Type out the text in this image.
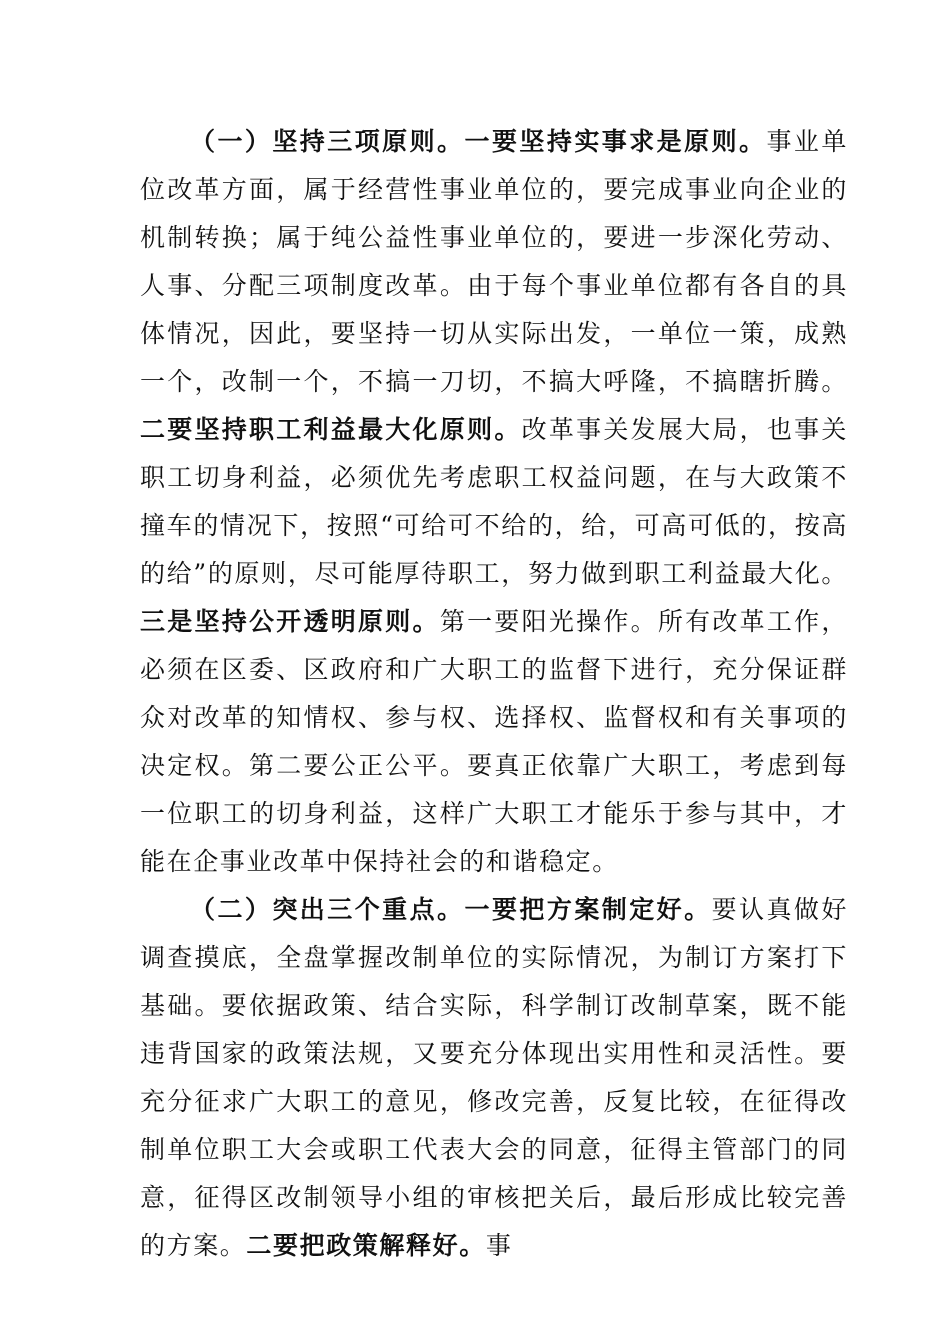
（一）坚持三项原则。一要坚持实事求是原则。事业单位改革方面，属于经营性事业单位的，要完成事业向企业的机制转换；属于纯公益性事业单位的，要进一步深化劳动、人事、分配三项制度改革。由于每个事业单位都有各自的具体情况，因此，要坚持一切从实际出发，一单位一策，成熟一个，改制一个，不搞一刀切，不搞大呼隆，不搞瞎折腾。二要坚持职工利益最大化原则。改革事关发展大局，也事关职工切身利益，必须优先考虑职工权益问题，在与大政策不撞车的情况下，按照“可给可不给的，给，可高可低的，按高的给”的原则，尽可能厚待职工，努力做到职工利益最大化。三是坚持公开透明原则。第一要阳光操作。所有改革工作，必须在区委、区政府和广大职工的监督下进行，充分保证群众对改革的知情权、参与权、选择权、监督权和有关事项的决定权。第二要公正公平。要真正依靠广大职工，考虑到每一位职工的切身利益，这样广大职工才能乐于参与其中，才能在企事业改革中保持社会的和谐稳定。

（二）突出三个重点。一要把方案制定好。要认真做好调查摸底，全盘掌握改制单位的实际情况，为制订方案打下基础。要依据政策、结合实际，科学制订改制草案，既不能违背国家的政策法规，又要充分体现出实用性和灵活性。要充分征求广大职工的意见，修改完善，反复比较，在征得改制单位职工大会或职工代表大会的同意，征得主管部门的同意，征得区改制领导小组的审核把关后，最后形成比较完善的方案。二要把政策解释好。事
